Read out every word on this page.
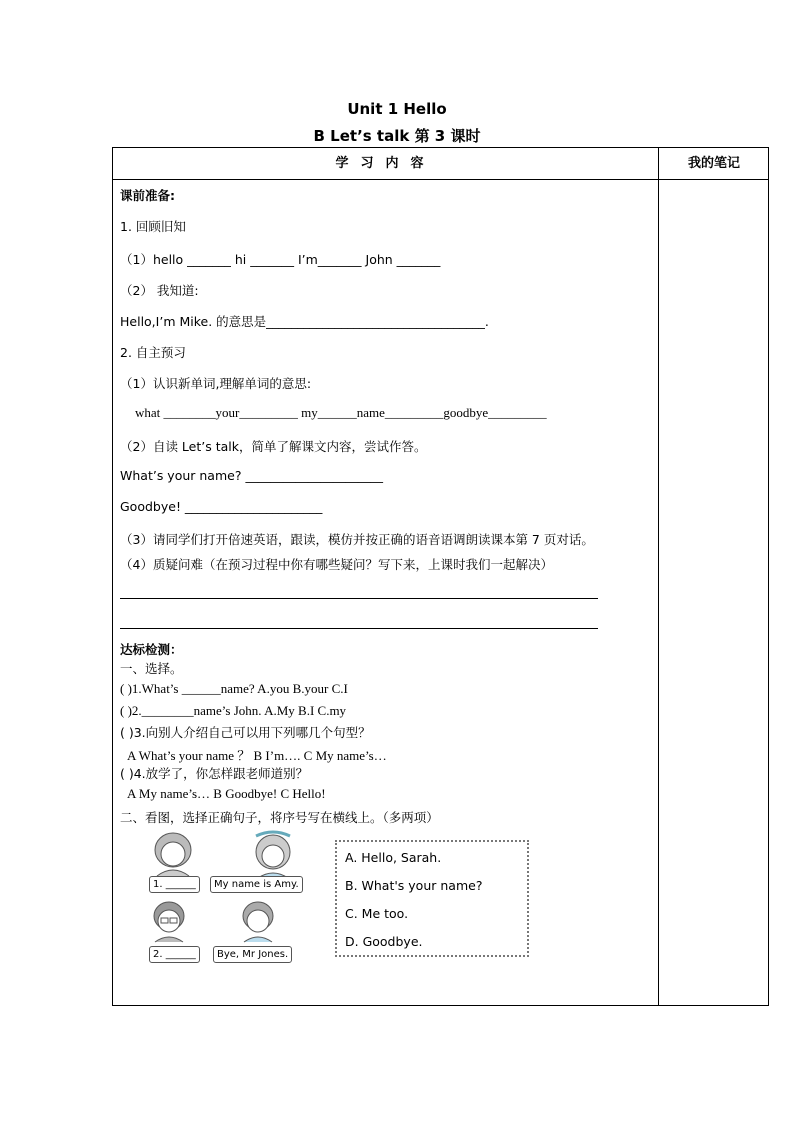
Unit 1 Hello
B Let’s talk 第 3 课时
学习内容	我的笔记
课前准备:
1. 回顾旧知
（1）hello _______ hi _______ I’m_______ John _______
（2） 我知道:
Hello,I’m Mike. 的意思是___________________________________.
2. 自主预习
（1）认识新单词,理解单词的意思:
what ________your_________ my______name_________goodbye_________
（2）自读 Let’s talk，简单了解课文内容，尝试作答。
What’s your name? ______________________
Goodbye! ______________________
（3）请同学们打开倍速英语，跟读，模仿并按正确的语音语调朗读课本第 7 页对话。
（4）质疑问难（在预习过程中你有哪些疑问？写下来，上课时我们一起解决）
达标检测：
一、选择。
( )1.What’s ______name? A.you B.your C.I
( )2.________name’s John. A.My B.I C.my
( )3.向别人介绍自己可以用下列哪几个句型？
A What’s your name ？ B I’m…. C My name’s…
( )4.放学了，你怎样跟老师道别？
A My name’s… B Goodbye! C Hello!
二、看图，选择正确句子，将序号写在横线上。（多两项）
1. ______	My name is Amy.
2. ______	Bye, Mr Jones.
A. Hello, Sarah.
B. What's your name?
C. Me too.
D. Goodbye.
